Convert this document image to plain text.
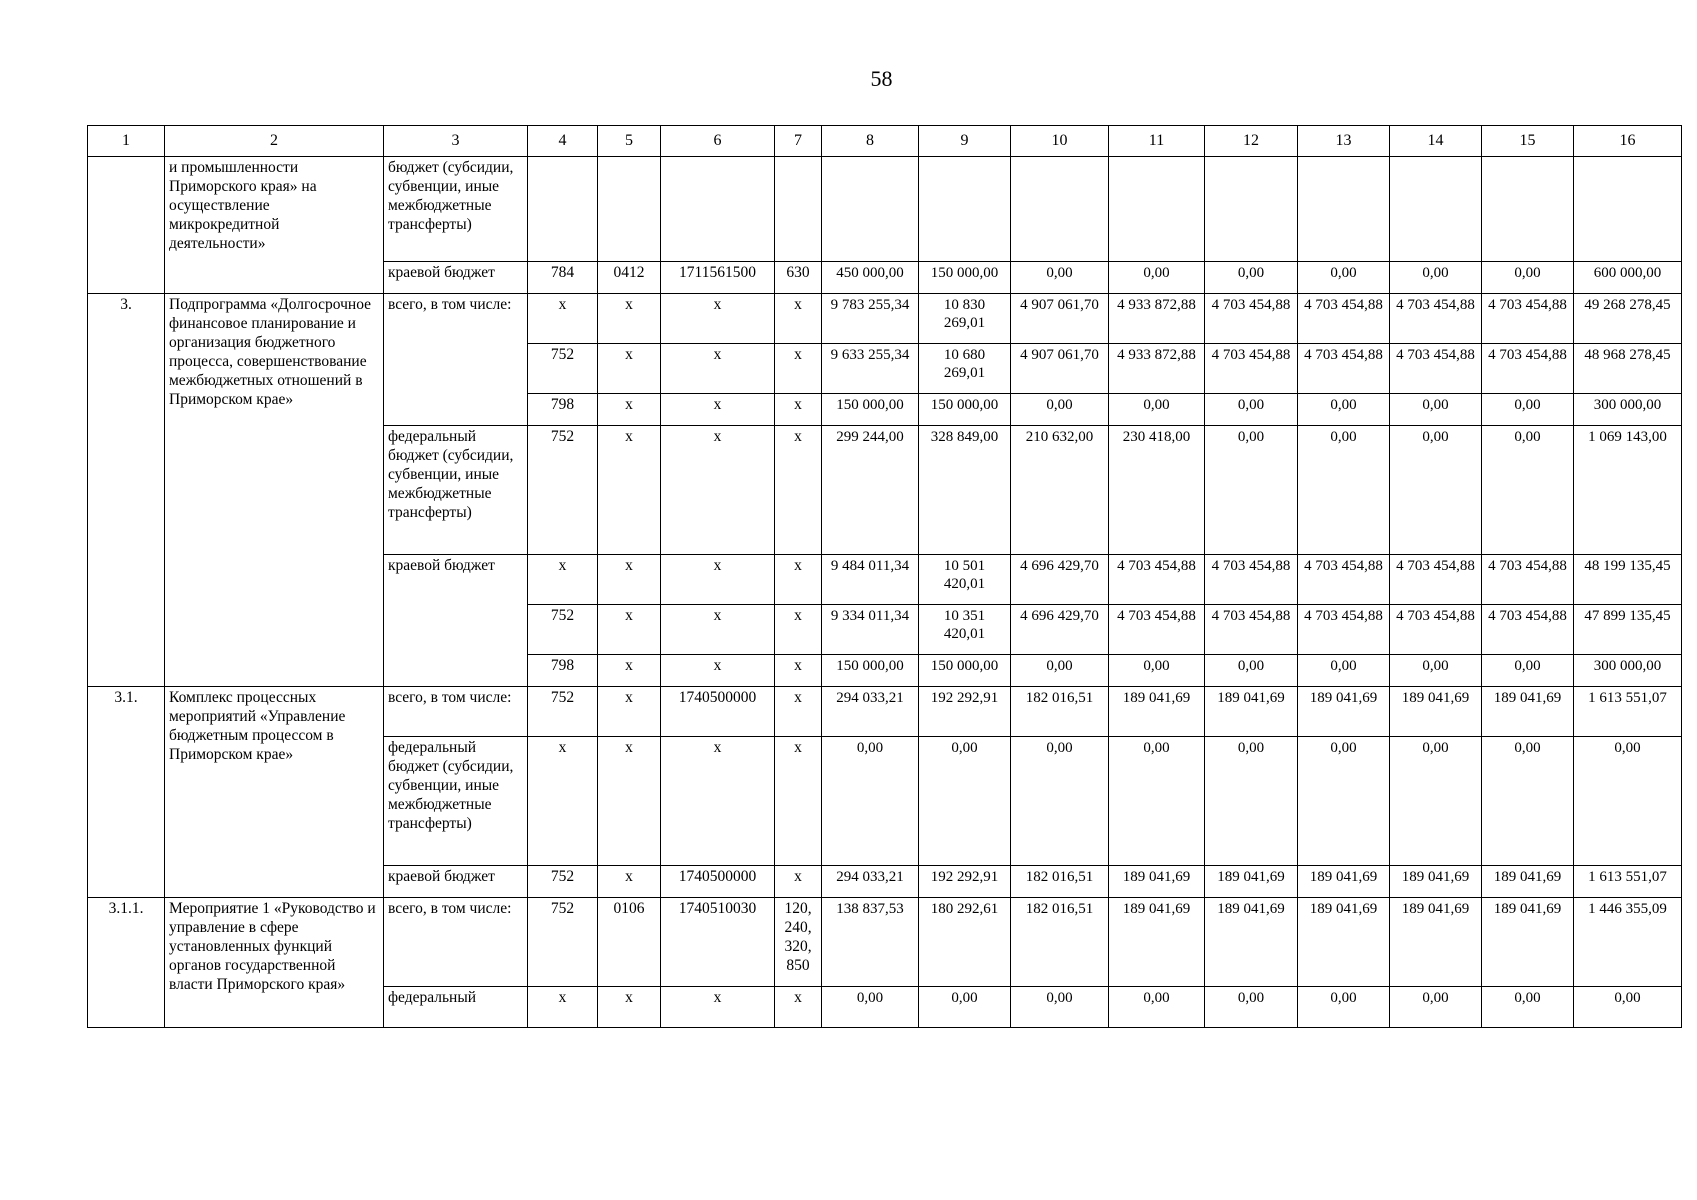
58
1	2	3	4	5	6	7	8	9	10	11	12	13	14	15	16
	и промышленности Приморского края» на осуществление микрокредитной деятельности»	бюджет (субсидии, субвенции, иные межбюджетные трансферты)													
		краевой бюджет	784	0412	1711561500	630	450 000,00	150 000,00	0,00	0,00	0,00	0,00	0,00	0,00	600 000,00
3.	Подпрограмма «Долгосрочное финансовое планирование и организация бюджетного процесса, совершенствование межбюджетных отношений в Приморском крае»	всего, в том числе:	x	x	x	x	9 783 255,34	10 830 269,01	4 907 061,70	4 933 872,88	4 703 454,88	4 703 454,88	4 703 454,88	4 703 454,88	49 268 278,45
			752	x	x	x	9 633 255,34	10 680 269,01	4 907 061,70	4 933 872,88	4 703 454,88	4 703 454,88	4 703 454,88	4 703 454,88	48 968 278,45
			798	x	x	x	150 000,00	150 000,00	0,00	0,00	0,00	0,00	0,00	0,00	300 000,00
		федеральный бюджет (субсидии, субвенции, иные межбюджетные трансферты)	752	x	x	x	299 244,00	328 849,00	210 632,00	230 418,00	0,00	0,00	0,00	0,00	1 069 143,00
		краевой бюджет	x	x	x	x	9 484 011,34	10 501 420,01	4 696 429,70	4 703 454,88	4 703 454,88	4 703 454,88	4 703 454,88	4 703 454,88	48 199 135,45
			752	x	x	x	9 334 011,34	10 351 420,01	4 696 429,70	4 703 454,88	4 703 454,88	4 703 454,88	4 703 454,88	4 703 454,88	47 899 135,45
			798	x	x	x	150 000,00	150 000,00	0,00	0,00	0,00	0,00	0,00	0,00	300 000,00
3.1.	Комплекс процессных мероприятий «Управление бюджетным процессом в Приморском крае»	всего, в том числе:	752	x	1740500000	x	294 033,21	192 292,91	182 016,51	189 041,69	189 041,69	189 041,69	189 041,69	189 041,69	1 613 551,07
		федеральный бюджет (субсидии, субвенции, иные межбюджетные трансферты)	x	x	x	x	0,00	0,00	0,00	0,00	0,00	0,00	0,00	0,00	0,00
		краевой бюджет	752	x	1740500000	x	294 033,21	192 292,91	182 016,51	189 041,69	189 041,69	189 041,69	189 041,69	189 041,69	1 613 551,07
3.1.1.	Мероприятие 1 «Руководство и управление в сфере установленных функций органов государственной власти Приморского края»	всего, в том числе:	752	0106	1740510030	120, 240, 320, 850	138 837,53	180 292,61	182 016,51	189 041,69	189 041,69	189 041,69	189 041,69	189 041,69	1 446 355,09
		федеральный	x	x	x	x	0,00	0,00	0,00	0,00	0,00	0,00	0,00	0,00	0,00
